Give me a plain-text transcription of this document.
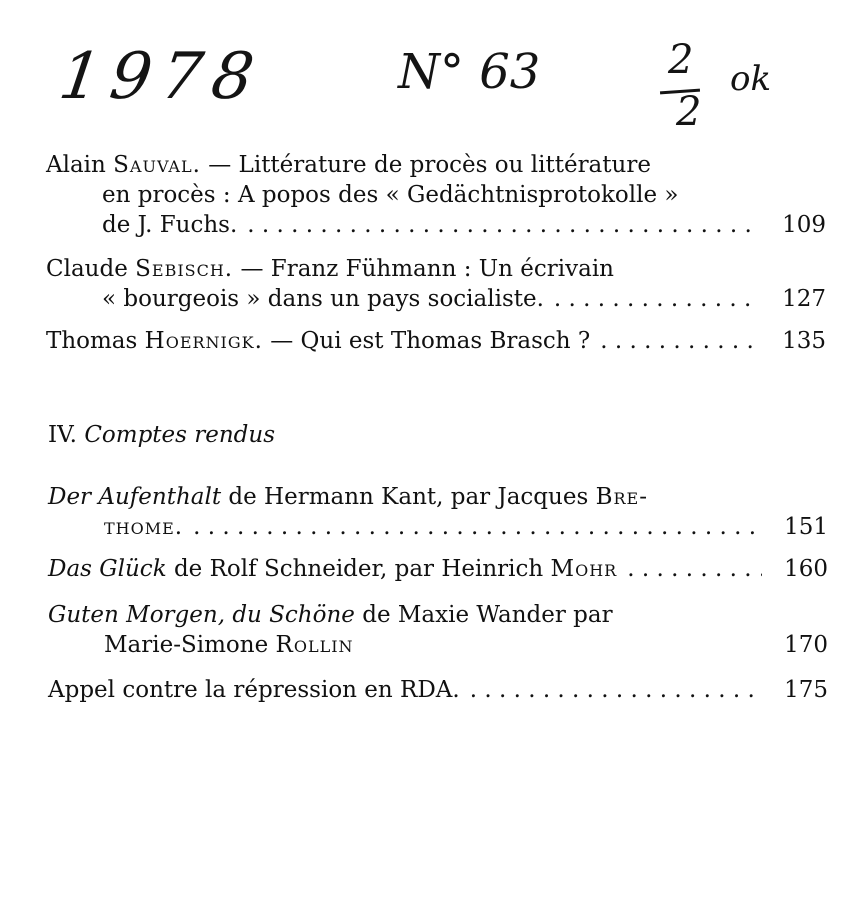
1978	N° 63	2
2
ok
Alain Sauval. — Littérature de procès ou littérature
en procès : A popos des « Gedächtnisprotokolle »
de J. Fuchs. . . .	109
Claude Sebisch. — Franz Fühmann : Un écrivain
« bourgeois » dans un pays socialiste. . . .	127
Thomas Hoernigk. — Qui est Thomas Brasch ? . . .	135
IV. Comptes rendus
Der Aufenthalt de Hermann Kant, par Jacques Bre-
thome. . . .	151
Das Glück de Rolf Schneider, par Heinrich Mohr . . .	160
Guten Morgen, du Schöne de Maxie Wander par
Marie-Simone Rollin	170
Appel contre la répression en RDA. . . .	175
